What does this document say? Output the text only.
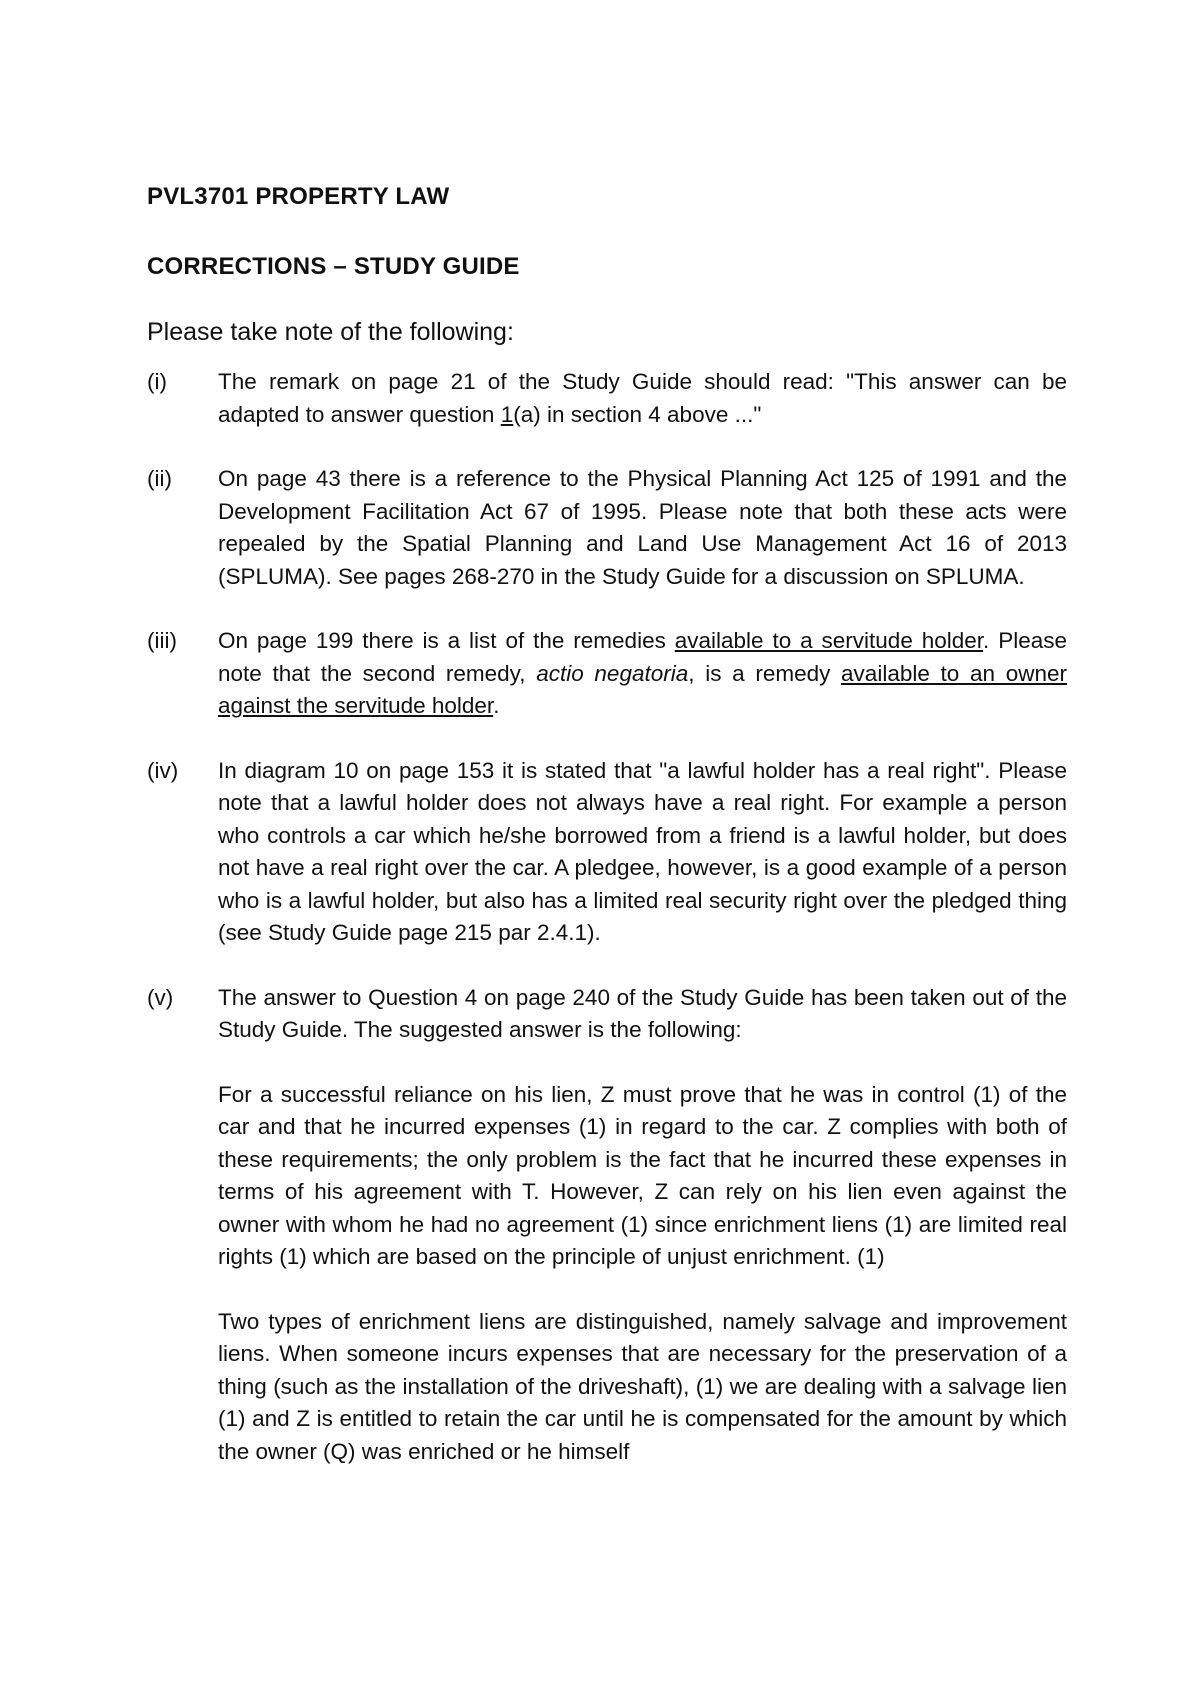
PVL3701 PROPERTY LAW
CORRECTIONS – STUDY GUIDE

Please take note of the following:

(i)	The remark on page 21 of the Study Guide should read: "This answer can be adapted to answer question 1(a) in section 4 above ..."

(ii)	On page 43 there is a reference to the Physical Planning Act 125 of 1991 and the Development Facilitation Act 67 of 1995. Please note that both these acts were repealed by the Spatial Planning and Land Use Management Act 16 of 2013 (SPLUMA). See pages 268-270 in the Study Guide for a discussion on SPLUMA.

(iii)	On page 199 there is a list of the remedies available to a servitude holder. Please note that the second remedy, actio negatoria, is a remedy available to an owner against the servitude holder.

(iv)	In diagram 10 on page 153 it is stated that "a lawful holder has a real right". Please note that a lawful holder does not always have a real right. For example a person who controls a car which he/she borrowed from a friend is a lawful holder, but does not have a real right over the car. A pledgee, however, is a good example of a person who is a lawful holder, but also has a limited real security right over the pledged thing (see Study Guide page 215 par 2.4.1).

(v)	The answer to Question 4 on page 240 of the Study Guide has been taken out of the Study Guide. The suggested answer is the following:

For a successful reliance on his lien, Z must prove that he was in control (1) of the car and that he incurred expenses (1) in regard to the car. Z complies with both of these requirements; the only problem is the fact that he incurred these expenses in terms of his agreement with T. However, Z can rely on his lien even against the owner with whom he had no agreement (1) since enrichment liens (1) are limited real rights (1) which are based on the principle of unjust enrichment. (1)

Two types of enrichment liens are distinguished, namely salvage and improvement liens. When someone incurs expenses that are necessary for the preservation of a thing (such as the installation of the driveshaft), (1) we are dealing with a salvage lien (1) and Z is entitled to retain the car until he is compensated for the amount by which the owner (Q) was enriched or he himself
